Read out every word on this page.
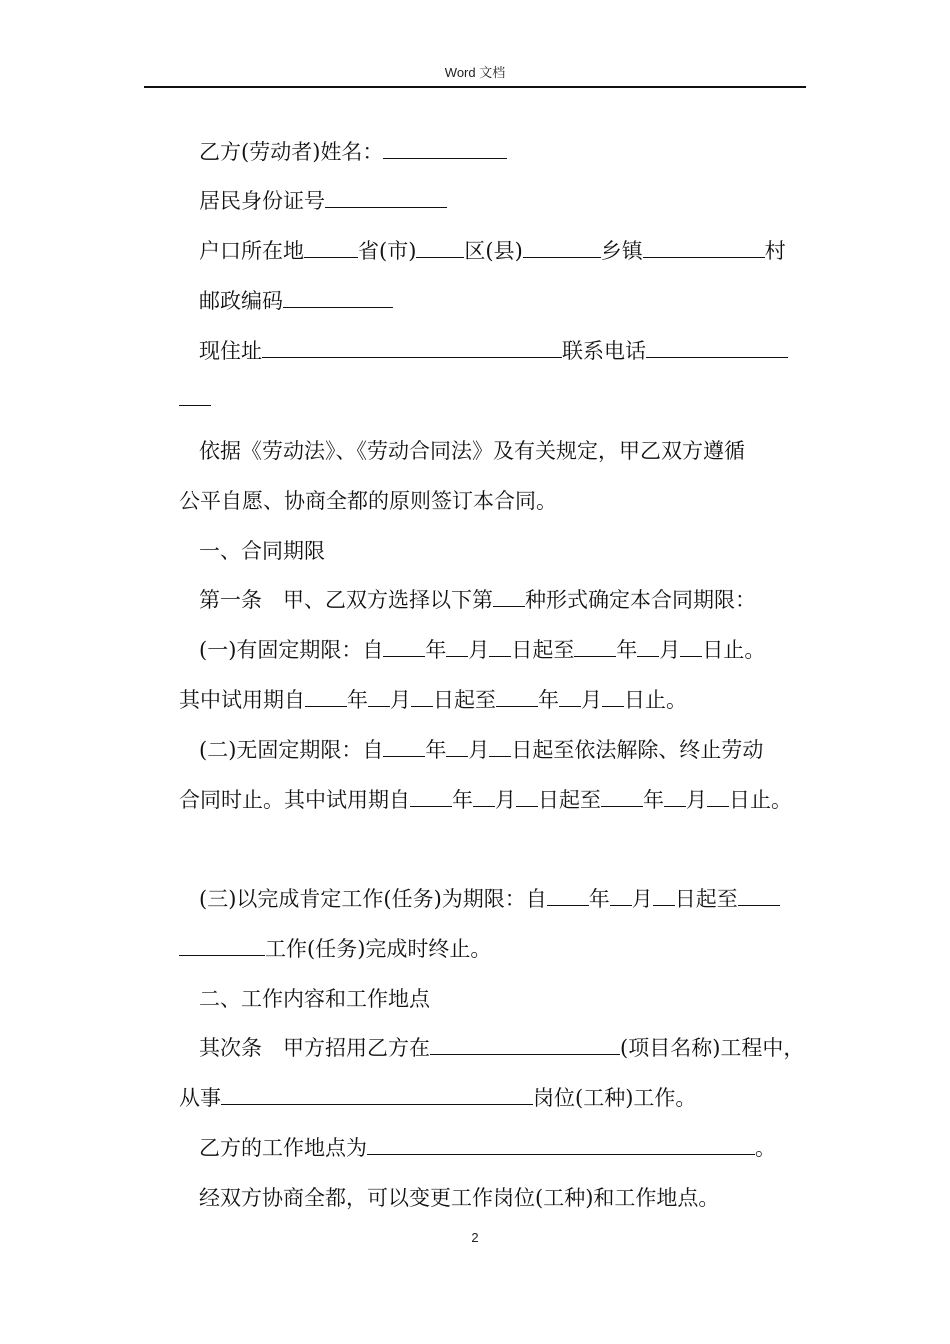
Word 文档
乙方(劳动者)姓名：
居民身份证号
户口所在地	省(市) 区(县)	乡镇	村
邮政编码
现住址	联系电话
依据《劳动法》、《劳动合同法》及有关规定，甲乙双方遵循
公平自愿、协商全都的原则签订本合同。
一、合同期限
第一条　甲、乙双方选择以下第 种形式确定本合同期限：
(一)有固定期限：自 年 月 日起至 年 月 日止。
其中试用期自 年 月 日起至 年 月 日止。
(二)无固定期限：自 年 月 日起至依法解除、终止劳动
合同时止。其中试用期自 年 月 日起至 年 月 日止。
(三)以完成肯定工作(任务)为期限：自 年 月 日起至
工作(任务)完成时终止。
二、工作内容和工作地点
其次条　甲方招用乙方在	(项目名称)工程中，
从事	岗位(工种)工作。
乙方的工作地点为	。
经双方协商全都，可以变更工作岗位(工种)和工作地点。
2
